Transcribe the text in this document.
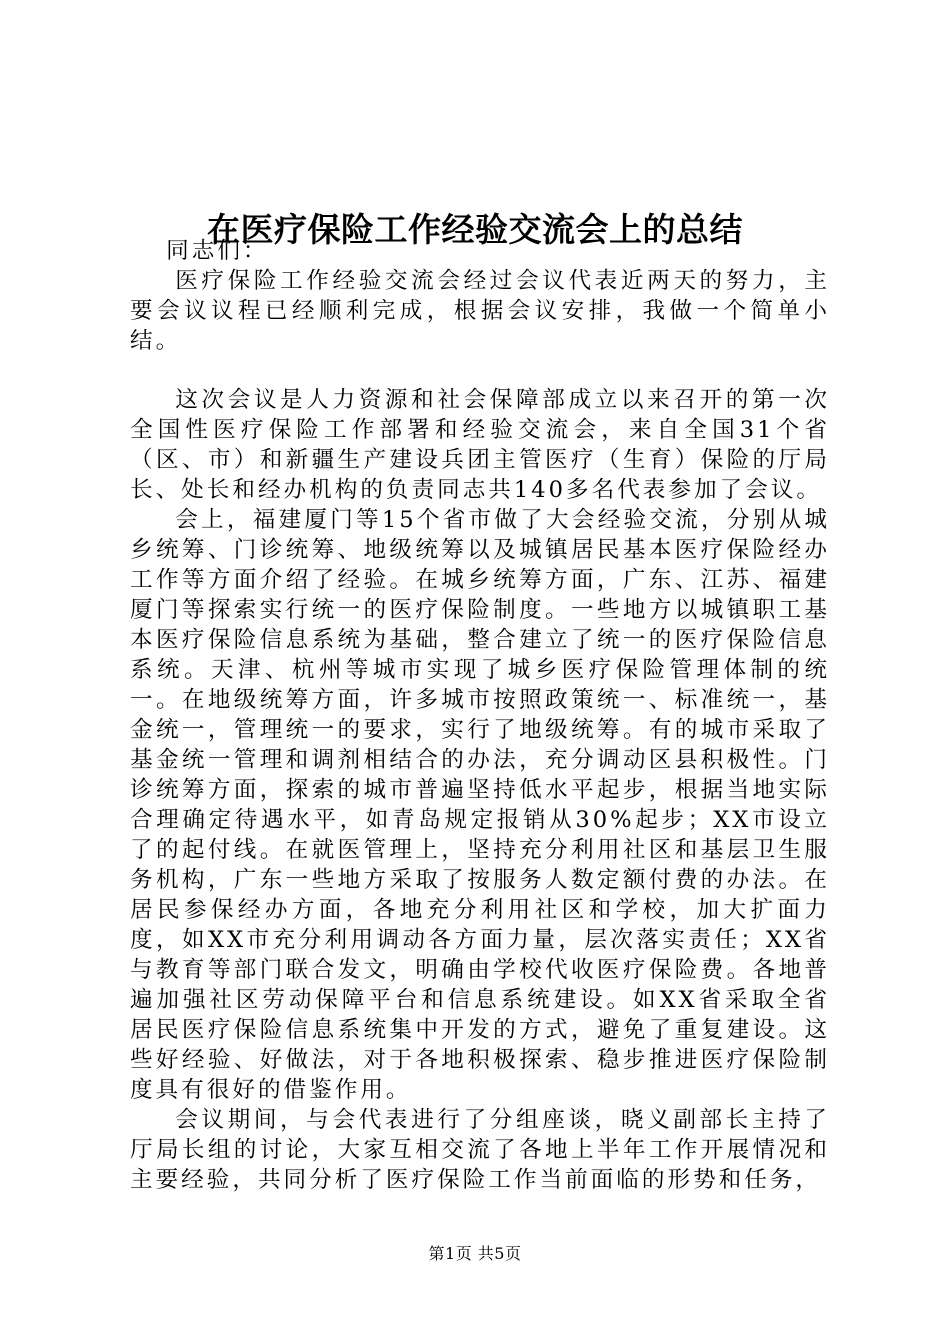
在医疗保险工作经验交流会上的总结

同志们：

医疗保险工作经验交流会经过会议代表近两天的努力，主要会议议程已经顺利完成，根据会议安排，我做一个简单小结。

这次会议是人力资源和社会保障部成立以来召开的第一次全国性医疗保险工作部署和经验交流会，来自全国31个省（区、市）和新疆生产建设兵团主管医疗（生育）保险的厅局长、处长和经办机构的负责同志共140多名代表参加了会议。

会上，福建厦门等15个省市做了大会经验交流，分别从城乡统筹、门诊统筹、地级统筹以及城镇居民基本医疗保险经办工作等方面介绍了经验。在城乡统筹方面，广东、江苏、福建厦门等探索实行统一的医疗保险制度。一些地方以城镇职工基本医疗保险信息系统为基础，整合建立了统一的医疗保险信息系统。天津、杭州等城市实现了城乡医疗保险管理体制的统一。在地级统筹方面，许多城市按照政策统一、标准统一，基金统一，管理统一的要求，实行了地级统筹。有的城市采取了基金统一管理和调剂相结合的办法，充分调动区县积极性。门诊统筹方面，探索的城市普遍坚持低水平起步，根据当地实际合理确定待遇水平，如青岛规定报销从30%起步；XX市设立了的起付线。在就医管理上，坚持充分利用社区和基层卫生服务机构，广东一些地方采取了按服务人数定额付费的办法。在居民参保经办方面，各地充分利用社区和学校，加大扩面力度，如XX市充分利用调动各方面力量，层次落实责任；XX省与教育等部门联合发文，明确由学校代收医疗保险费。各地普遍加强社区劳动保障平台和信息系统建设。如XX省采取全省居民医疗保险信息系统集中开发的方式，避免了重复建设。这些好经验、好做法，对于各地积极探索、稳步推进医疗保险制度具有很好的借鉴作用。

会议期间，与会代表进行了分组座谈，晓义副部长主持了厅局长组的讨论，大家互相交流了各地上半年工作开展情况和主要经验，共同分析了医疗保险工作当前面临的形势和任务，

第1页 共5页
